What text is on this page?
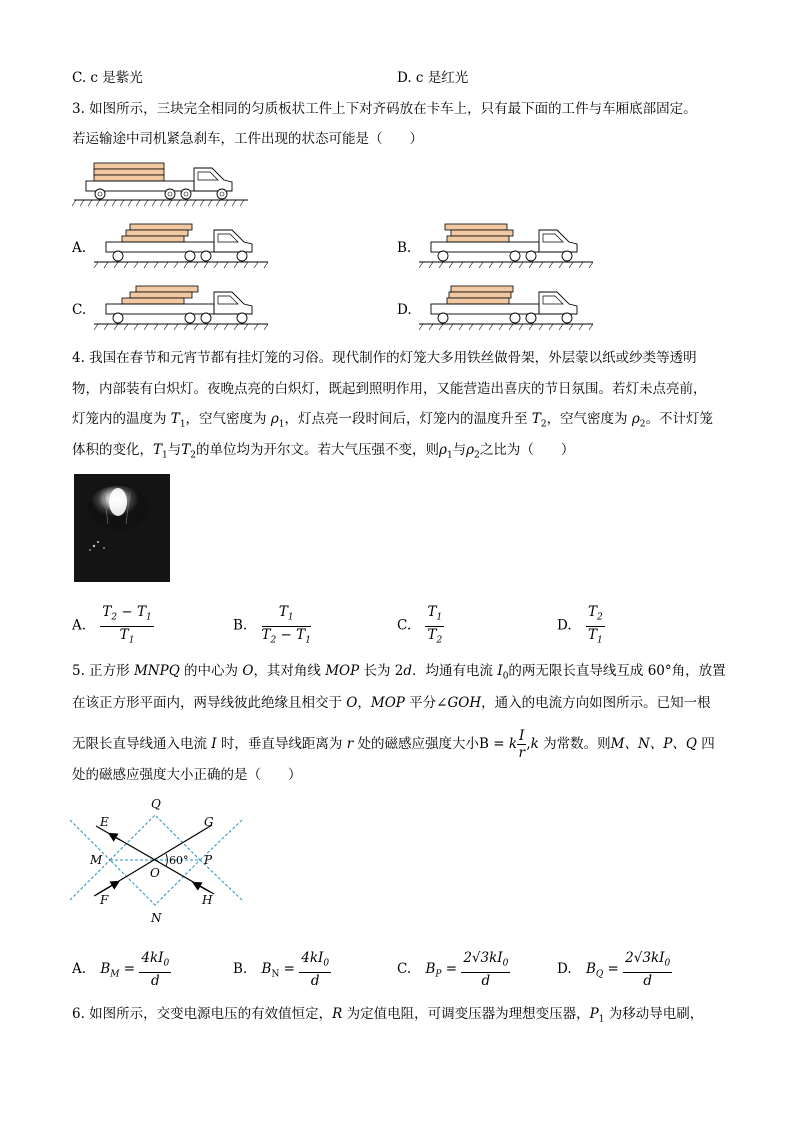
C. c 是紫光	D. c 是红光
3. 如图所示，三块完全相同的匀质板状工件上下对齐码放在卡车上，只有最下面的工件与车厢底部固定。
若运输途中司机紧急刹车，工件出现的状态可能是（　　）
A.	B.
C.	D.
4. 我国在春节和元宵节都有挂灯笼的习俗。现代制作的灯笼大多用铁丝做骨架，外层蒙以纸或纱类等透明
物，内部装有白炽灯。夜晚点亮的白炽灯，既起到照明作用，又能营造出喜庆的节日氛围。若灯未点亮前，
灯笼内的温度为 $T_1$，空气密度为 $\rho_1$，灯点亮一段时间后，灯笼内的温度升至 $T_2$，空气密度为 $\rho_2$。不计灯笼
体积的变化，$T_1$与$T_2$的单位均为开尔文。若大气压强不变，则$\rho_1$与$\rho_2$之比为（　　）
A. $\frac{T_2 - T_1}{T_1}$	B. $\frac{T_1}{T_2 - T_1}$	C. $\frac{T_1}{T_2}$	D. $\frac{T_2}{T_1}$
5. 正方形 MNPQ 的中心为 O，其对角线 MOP 长为 2d．均通有电流 $I_0$的两无限长直导线互成 60°角，放置
在该正方形平面内，两导线彼此绝缘且相交于 O，MOP 平分∠GOH，通入的电流方向如图所示。已知一根
无限长直导线通入电流 I 时，垂直导线距离为 r 处的磁感应强度大小B = k $\frac{I}{r} ,k$ 为常数。则M、N、P、Q 四
处的磁感应强度大小正确的是（　　）
60°
E	G
Q
M	P
O
F	H
N
A. $B_M = \frac{4kI_0}{d}$	B. $B_N = \frac{4kI_0}{d}$	C. $B_P = \frac{2√3kI_0}{d}$	D. $B_Q = \frac{2√3kI_0}{d}$
6. 如图所示，交变电源电压的有效值恒定，R 为定值电阻，可调变压器为理想变压器，$P_1$ 为移动导电刷，
